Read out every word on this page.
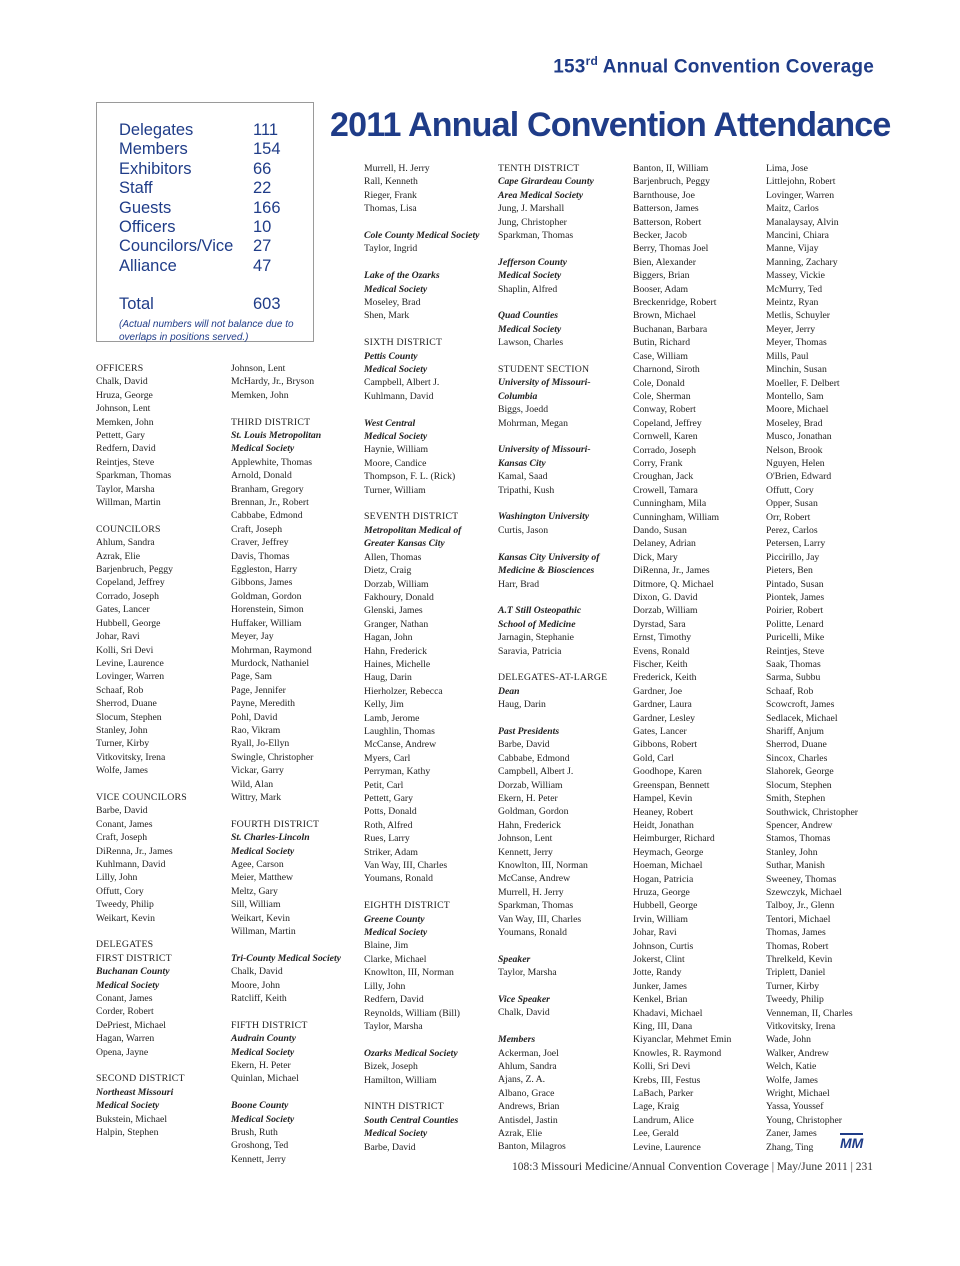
153rd Annual Convention Coverage
2011 Annual Convention Attendance
Delegates	111
Members	154
Exhibitors	66
Staff	22
Guests	166
Officers	10
Councilors/Vice	27
Alliance	47
Total	603
(Actual numbers will not balance due to overlaps in positions served.)
OFFICERS
Chalk, David
Hruza, George
Johnson, Lent
Memken, John
Pettett, Gary
Redfern, David
Reintjes, Steve
Sparkman, Thomas
Taylor, Marsha
Willman, Martin
COUNCILORS
Ahlum, Sandra
Azrak, Elie
Barjenbruch, Peggy
Copeland, Jeffrey
Corrado, Joseph
Gates, Lancer
Hubbell, George
Johar, Ravi
Kolli, Sri Devi
Levine, Laurence
Lovinger, Warren
Schaaf, Rob
Sherrod, Duane
Slocum, Stephen
Stanley, John
Turner, Kirby
Vitkovitsky, Irena
Wolfe, James
VICE COUNCILORS
Barbe, David
Conant, James
Craft, Joseph
DiRenna, Jr., James
Kuhlmann, David
Lilly, John
Offutt, Cory
Tweedy, Philip
Weikart, Kevin
DELEGATES
FIRST DISTRICT
Buchanan County
Medical Society
Conant, James
Corder, Robert
DePriest, Michael
Hagan, Warren
Opena, Jayne
SECOND DISTRICT
Northeast Missouri
Medical Society
Bukstein, Michael
Halpin, Stephen
Johnson, Lent
McHardy, Jr., Bryson
Memken, John
THIRD DISTRICT
St. Louis Metropolitan
Medical Society
Applewhite, Thomas
Arnold, Donald
Branham, Gregory
Brennan, Jr., Robert
Cabbabe, Edmond
Craft, Joseph
Craver, Jeffrey
Davis, Thomas
Eggleston, Harry
Gibbons, James
Goldman, Gordon
Horenstein, Simon
Huffaker, William
Meyer, Jay
Mohrman, Raymond
Murdock, Nathaniel
Page, Sam
Page, Jennifer
Payne, Meredith
Pohl, David
Rao, Vikram
Ryall, Jo-Ellyn
Swingle, Christopher
Vickar, Garry
Wild, Alan
Wittry, Mark
FOURTH DISTRICT
St. Charles-Lincoln
Medical Society
Agee, Carson
Meier, Matthew
Meltz, Gary
Sill, William
Weikart, Kevin
Willman, Martin
Tri-County Medical Society
Chalk, David
Moore, John
Ratcliff, Keith
FIFTH DISTRICT
Audrain County
Medical Society
Ekern, H. Peter
Quinlan, Michael
Boone County
Medical Society
Brush, Ruth
Groshong, Ted
Kennett, Jerry
Murrell, H. Jerry
Rall, Kenneth
Rieger, Frank
Thomas, Lisa
Cole County Medical Society
Taylor, Ingrid
Lake of the Ozarks
Medical Society
Moseley, Brad
Shen, Mark
SIXTH DISTRICT
Pettis County
Medical Society
Campbell, Albert J.
Kuhlmann, David
West Central
Medical Society
Haynie, William
Moore, Candice
Thompson, F. L. (Rick)
Turner, William
SEVENTH DISTRICT
Metropolitan Medical of
Greater Kansas City
Allen, Thomas
Dietz, Craig
Dorzab, William
Fakhoury, Donald
Glenski, James
Granger, Nathan
Hagan, John
Hahn, Frederick
Haines, Michelle
Haug, Darin
Hierholzer, Rebecca
Kelly, Jim
Lamb, Jerome
Laughlin, Thomas
McCanse, Andrew
Myers, Carl
Perryman, Kathy
Petit, Carl
Pettett, Gary
Potts, Donald
Roth, Alfred
Rues, Larry
Striker, Adam
Van Way, III, Charles
Youmans, Ronald
EIGHTH DISTRICT
Greene County
Medical Society
Blaine, Jim
Clarke, Michael
Knowlton, III, Norman
Lilly, John
Redfern, David
Reynolds, William (Bill)
Taylor, Marsha
Ozarks Medical Society
Bizek, Joseph
Hamilton, William
NINTH DISTRICT
South Central Counties
Medical Society
Barbe, David
TENTH DISTRICT
Cape Girardeau County
Area Medical Society
Jung, J. Marshall
Jung, Christopher
Sparkman, Thomas
Jefferson County
Medical Society
Shaplin, Alfred
Quad Counties
Medical Society
Lawson, Charles
STUDENT SECTION
University of Missouri-
Columbia
Biggs, Joedd
Mohrman, Megan
University of Missouri-
Kansas City
Kamal, Saad
Tripathi, Kush
Washington University
Curtis, Jason
Kansas City University of
Medicine & Biosciences
Harr, Brad
A.T Still Osteopathic
School of Medicine
Jarnagin, Stephanie
Saravia, Patricia
DELEGATES-AT-LARGE
Dean
Haug, Darin
Past Presidents
Barbe, David
Cabbabe, Edmond
Campbell, Albert J.
Dorzab, William
Ekern, H. Peter
Goldman, Gordon
Hahn, Frederick
Johnson, Lent
Kennett, Jerry
Knowlton, III, Norman
McCanse, Andrew
Murrell, H. Jerry
Sparkman, Thomas
Van Way, III, Charles
Youmans, Ronald
Speaker
Taylor, Marsha
Vice Speaker
Chalk, David
Members
Ackerman, Joel
Ahlum, Sandra
Ajans, Z. A.
Albano, Grace
Andrews, Brian
Antisdel, Jastin
Azrak, Elie
Banton, Milagros
Banton, II, William
Barjenbruch, Peggy
Barnthouse, Joe
Batterson, James
Batterson, Robert
Becker, Jacob
Berry, Thomas Joel
Bien, Alexander
Biggers, Brian
Booser, Adam
Breckenridge, Robert
Brown, Michael
Buchanan, Barbara
Butin, Richard
Case, William
Charnond, Siroth
Cole, Donald
Cole, Sherman
Conway, Robert
Copeland, Jeffrey
Cornwell, Karen
Corrado, Joseph
Corry, Frank
Croughan, Jack
Crowell, Tamara
Cunningham, Mila
Cunningham, William
Dando, Susan
Delaney, Adrian
Dick, Mary
DiRenna, Jr., James
Ditmore, Q. Michael
Dixon, G. David
Dorzab, William
Dyrstad, Sara
Ernst, Timothy
Evens, Ronald
Fischer, Keith
Frederick, Keith
Gardner, Joe
Gardner, Laura
Gardner, Lesley
Gates, Lancer
Gibbons, Robert
Gold, Carl
Goodhope, Karen
Greenspan, Bennett
Hampel, Kevin
Heaney, Robert
Heidt, Jonathan
Heimburger, Richard
Heymach, George
Hoeman, Michael
Hogan, Patricia
Hruza, George
Hubbell, George
Irvin, William
Johar, Ravi
Johnson, Curtis
Jokerst, Clint
Jotte, Randy
Junker, James
Kenkel, Brian
Khadavi, Michael
King, III, Dana
Kiyanclar, Mehmet Emin
Knowles, R. Raymond
Kolli, Sri Devi
Krebs, III, Festus
LaBach, Parker
Lage, Kraig
Landrum, Alice
Lee, Gerald
Levine, Laurence
Lima, Jose
Littlejohn, Robert
Lovinger, Warren
Maitz, Carlos
Manalaysay, Alvin
Mancini, Chiara
Manne, Vijay
Manning, Zachary
Massey, Vickie
McMurry, Ted
Meintz, Ryan
Metlis, Schuyler
Meyer, Jerry
Meyer, Thomas
Mills, Paul
Minchin, Susan
Moeller, F. Delbert
Montello, Sam
Moore, Michael
Moseley, Brad
Musco, Jonathan
Nelson, Brook
Nguyen, Helen
O'Brien, Edward
Offutt, Cory
Opper, Susan
Orr, Robert
Perez, Carlos
Petersen, Larry
Piccirillo, Jay
Pieters, Ben
Pintado, Susan
Piontek, James
Poirier, Robert
Politte, Lenard
Puricelli, Mike
Reintjes, Steve
Saak, Thomas
Sarma, Subbu
Schaaf, Rob
Scowcroft, James
Sedlacek, Michael
Shariff, Anjum
Sherrod, Duane
Sincox, Charles
Slahorek, George
Slocum, Stephen
Smith, Stephen
Southwick, Christopher
Spencer, Andrew
Stamos, Thomas
Stanley, John
Suthar, Manish
Sweeney, Thomas
Szewczyk, Michael
Talboy, Jr., Glenn
Tentori, Michael
Thomas, James
Thomas, Robert
Threlkeld, Kevin
Triplett, Daniel
Turner, Kirby
Tweedy, Philip
Venneman, II, Charles
Vitkovitsky, Irena
Wade, John
Walker, Andrew
Welch, Katie
Wolfe, James
Wright, Michael
Yassa, Youssef
Young, Christopher
Zaner, James
Zhang, Ting	MM
108:3 Missouri Medicine/Annual Convention Coverage | May/June 2011 | 231
